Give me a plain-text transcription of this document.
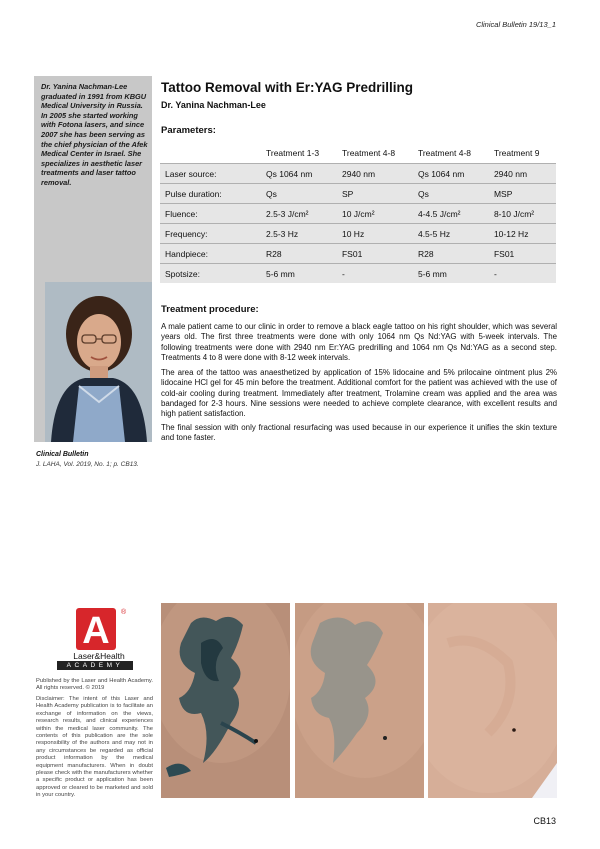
Clinical Bulletin 19/13_1
Dr. Yanina Nachman-Lee graduated in 1991 from KBGU Medical University in Russia. In 2005 she started working with Fotona lasers, and since 2007 she has been serving as the chief physician of the Afek Medical Center in Israel. She specializes in aesthetic laser treatments and laser tattoo removal.
Clinical Bulletin
J. LAHA, Vol. 2019, No. 1; p. CB13.
Tattoo Removal with Er:YAG Predrilling
Dr. Yanina Nachman-Lee
Parameters:
	Treatment 1-3	Treatment 4-8	Treatment 4-8	Treatment 9
Laser source:	Qs 1064 nm	2940 nm	Qs 1064 nm	2940 nm
Pulse duration:	Qs	SP	Qs	MSP
Fluence:	2.5-3 J/cm²	10 J/cm²	4-4.5 J/cm²	8-10 J/cm²
Frequency:	2.5-3 Hz	10 Hz	4.5-5 Hz	10-12 Hz
Handpiece:	R28	FS01	R28	FS01
Spotsize:	5-6 mm	-	5-6 mm	-
Treatment procedure:
A male patient came to our clinic in order to remove a black eagle tattoo on his right shoulder, which was several years old. The first three treatments were done with only 1064 nm Qs Nd:YAG with 5-week intervals. The following treatments were done with 2940 nm Er:YAG predrilling and 1064 nm Qs Nd:YAG as a second step. Treatments 4 to 8 were done with 8-12 week intervals.
The area of the tattoo was anaesthetized by application of 15% lidocaine and 5% prilocaine ointment plus 2% lidocaine HCl gel for 45 min before the treatment. Additional comfort for the patient was achieved with the use of cold-air cooling during treatment. Immediately after treatment, Trolamine cream was applied and the area was bandaged for 2-3 hours. Nine sessions were needed to achieve complete clearance, with excellent results and high patient satisfaction.
The final session with only fractional resurfacing was used because in our experience it unifies the skin texture and tone faster.
A ®
Laser&Health
ACADEMY
Published by the Laser and Health Academy. All rights reserved. © 2019
Disclaimer: The intent of this Laser and Health Academy publication is to facilitate an exchange of information on the views, research results, and clinical experiences within the medical laser community. The contents of this publication are the sole responsibility of the authors and may not in any circumstances be regarded as official product information by the medical equipment manufacturers. When in doubt please check with the manufacturers whether a specific product or application has been approved or cleared to be marketed and sold in your country.
CB13
